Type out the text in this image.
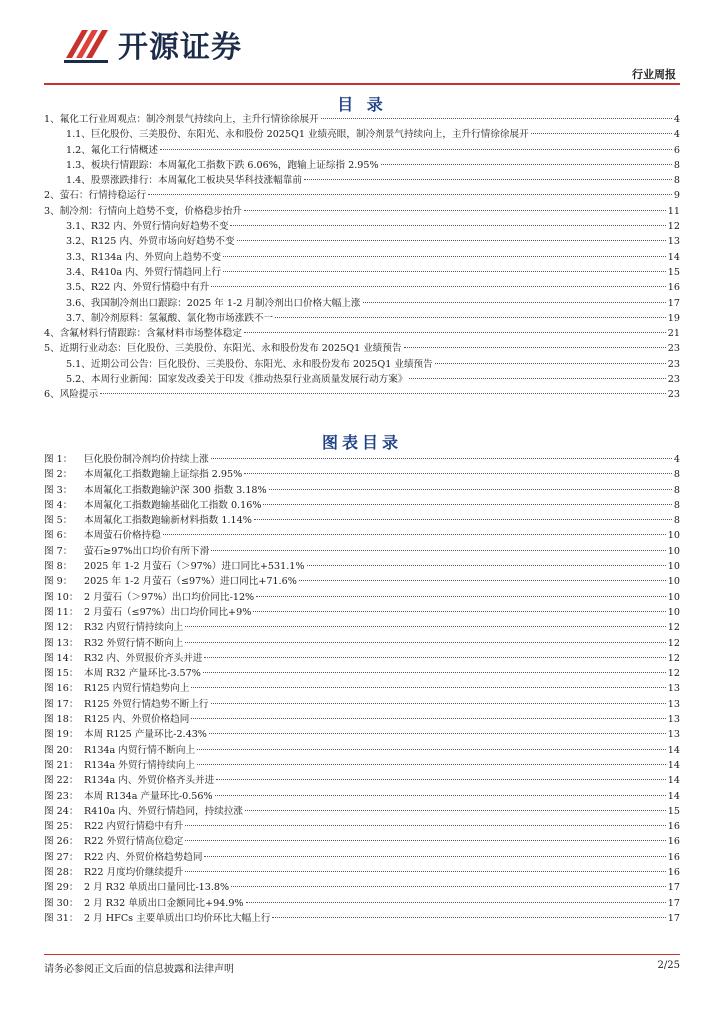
开源证券
行业周报
目 录
1、 氟化工行业周观点：制冷剂景气持续向上，主升行情徐徐展开	4
1.1、 巨化股份、三美股份、东阳光、永和股份 2025Q1 业绩亮眼，制冷剂景气持续向上，主升行情徐徐展开	4
1.2、 氟化工行情概述	6
1.3、 板块行情跟踪：本周氟化工指数下跌 6.06%，跑输上证综指 2.95%	8
1.4、 股票涨跌排行：本周氟化工板块昊华科技涨幅靠前	8
2、 萤石：行情持稳运行	9
3、 制冷剂：行情向上趋势不变，价格稳步抬升	11
3.1、 R32 内、外贸行情向好趋势不变	12
3.2、 R125 内、外贸市场向好趋势不变	13
3.3、 R134a 内、外贸向上趋势不变	14
3.4、 R410a 内、外贸行情趋同上行	15
3.5、 R22 内、外贸行情稳中有升	16
3.6、 我国制冷剂出口跟踪：2025 年 1-2 月制冷剂出口价格大幅上涨	17
3.7、 制冷剂原料：氢氟酸、氯化物市场涨跌不一	19
4、 含氟材料行情跟踪：含氟材料市场整体稳定	21
5、 近期行业动态：巨化股份、三美股份、东阳光、永和股份发布 2025Q1 业绩预告	23
5.1、 近期公司公告：巨化股份、三美股份、东阳光、永和股份发布 2025Q1 业绩预告	23
5.2、 本周行业新闻：国家发改委关于印发《推动热泵行业高质量发展行动方案》	23
6、 风险提示	23
图表目录
图 1：	巨化股份制冷剂均价持续上涨	4
图 2：	本周氟化工指数跑输上证综指 2.95%	8
图 3：	本周氟化工指数跑输沪深 300 指数 3.18%	8
图 4：	本周氟化工指数跑输基础化工指数 0.16%	8
图 5：	本周氟化工指数跑输新材料指数 1.14%	8
图 6：	本周萤石价格持稳	10
图 7：	萤石≥97%出口均价有所下滑	10
图 8：	2025 年 1-2 月萤石（＞97%）进口同比+531.1%	10
图 9：	2025 年 1-2 月萤石（≤97%）进口同比+71.6%	10
图 10： 2 月萤石（＞97%）出口均价同比-12%	10
图 11： 2 月萤石（≤97%）出口均价同比+9%	10
图 12： R32 内贸行情持续向上	12
图 13： R32 外贸行情不断向上	12
图 14： R32 内、外贸报价齐头并进	12
图 15： 本周 R32 产量环比-3.57%	12
图 16： R125 内贸行情趋势向上	13
图 17： R125 外贸行情趋势不断上行	13
图 18： R125 内、外贸价格趋同	13
图 19： 本周 R125 产量环比-2.43%	13
图 20： R134a 内贸行情不断向上	14
图 21： R134a 外贸行情持续向上	14
图 22： R134a 内、外贸价格齐头并进	14
图 23： 本周 R134a 产量环比-0.56%	14
图 24： R410a 内、外贸行情趋同，持续拉涨	15
图 25： R22 内贸行情稳中有升	16
图 26： R22 外贸行情高位稳定	16
图 27： R22 内、外贸价格趋势趋同	16
图 28： R22 月度均价继续提升	16
图 29： 2 月 R32 单质出口量同比-13.8%	17
图 30： 2 月 R32 单质出口金额同比+94.9%	17
图 31： 2 月 HFCs 主要单质出口均价环比大幅上行	17
请务必参阅正文后面的信息披露和法律声明	2/25
